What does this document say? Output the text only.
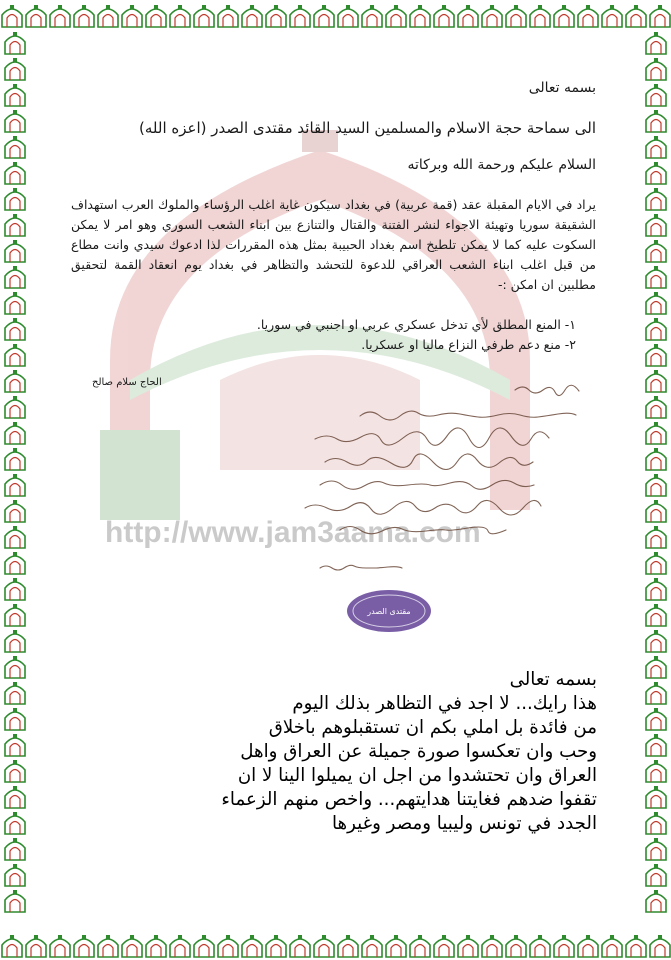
http://www.jam3aama.com

بسمه تعالى

الى سماحة حجة الاسلام والمسلمين السيد القائد مقتدى الصدر (اعزه الله)

السلام عليكم ورحمة الله وبركاته

يراد في الايام المقبلة عقد (قمة عربية) في بغداد سيكون غاية اغلب الرؤساء والملوك العرب استهداف الشقيقة سوريا وتهيئة الاجواء لنشر الفتنة والقتال والتنازع بين ابناء الشعب السوري وهو امر لا يمكن السكوت عليه كما لا يمكن تلطيخ اسم بغداد الحبيبة بمثل هذه المقررات لذا ادعوك سيدي وانت مطاع من قبل اغلب ابناء الشعب العراقي للدعوة للتحشد والتظاهر في بغداد يوم انعقاد القمة لتحقيق مطلبين ان امكن :-

١- المنع المطلق لأي تدخل عسكري عربي او اجنبي في سوريا.
٢- منع دعم طرفي النزاع ماليا او عسكريا.
الحاج سلام صالح
مقتدى الصدر
بسمه تعالى
هذا رايك... لا اجد في التظاهر بذلك اليوم
من فائدة بل املي بكم ان تستقبلوهم باخلاق
وحب وان تعكسوا صورة جميلة عن العراق واهل
العراق وان تحتشدوا من اجل ان يميلوا الينا لا ان
تقفوا ضدهم فغايتنا هدايتهم... واخص منهم الزعماء
الجدد في تونس وليبيا ومصر وغيرها
